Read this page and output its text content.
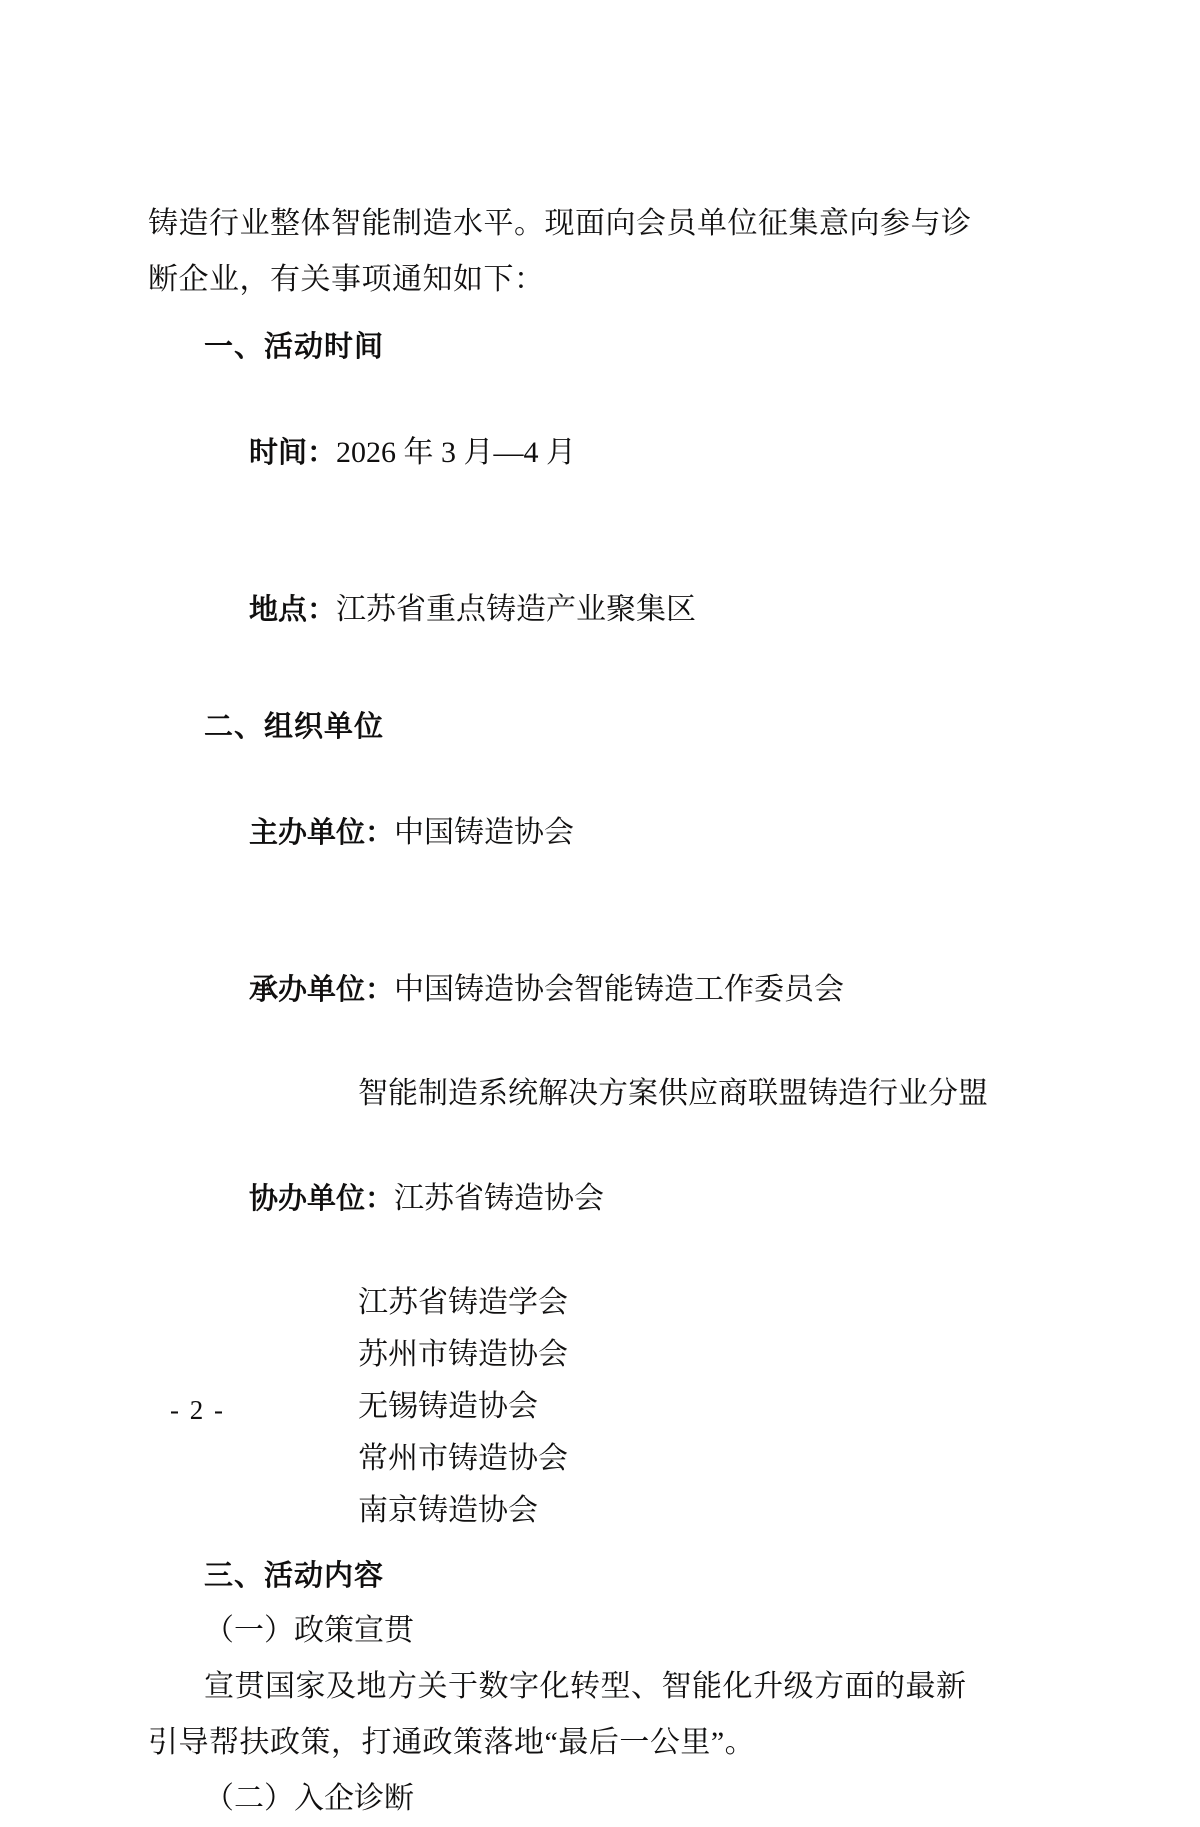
铸造行业整体智能制造水平。现面向会员单位征集意向参与诊
断企业，有关事项通知如下：
一、活动时间

时间：2026 年 3 月—4 月

地点：江苏省重点铸造产业聚集区

二、组织单位

主办单位：中国铸造协会

承办单位：中国铸造协会智能铸造工作委员会

智能制造系统解决方案供应商联盟铸造行业分盟

协办单位：江苏省铸造协会

江苏省铸造学会
苏州市铸造协会
无锡铸造协会
常州市铸造协会
南京铸造协会
三、活动内容
（一）政策宣贯
宣贯国家及地方关于数字化转型、智能化升级方面的最新
引导帮扶政策，打通政策落地“最后一公里”。
（二）入企诊断
- 2 -
